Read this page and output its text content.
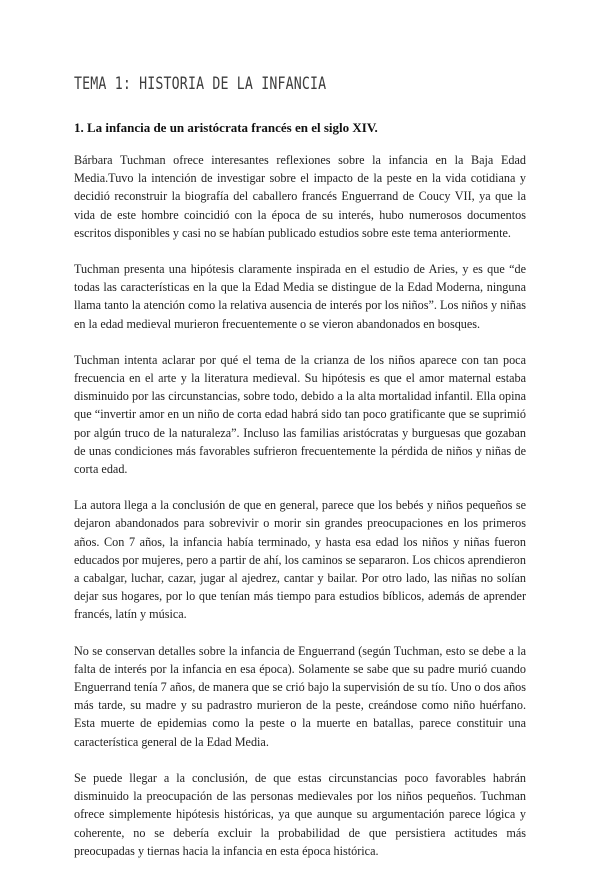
TEMA 1: HISTORIA DE LA INFANCIA
1. La infancia de un aristócrata francés en el siglo XIV.

Bárbara Tuchman ofrece interesantes reflexiones sobre la infancia en la Baja Edad Media.Tuvo la intención de investigar sobre el impacto de la peste en la vida cotidiana y decidió reconstruir la biografía del caballero francés Enguerrand de Coucy VII, ya que la vida de este hombre coincidió con la época de su interés, hubo numerosos documentos escritos disponibles y casi no se habían publicado estudios sobre este tema anteriormente.

Tuchman presenta una hipótesis claramente inspirada en el estudio de Aries, y es que “de todas las características en la que la Edad Media se distingue de la Edad Moderna, ninguna llama tanto la atención como la relativa ausencia de interés por los niños”. Los niños y niñas en la edad medieval murieron frecuentemente o se vieron abandonados en bosques.

Tuchman intenta aclarar por qué el tema de la crianza de los niños aparece con tan poca frecuencia en el arte y la literatura medieval. Su hipótesis es que el amor maternal estaba disminuido por las circunstancias, sobre todo, debido a la alta mortalidad infantil. Ella opina que “invertir amor en un niño de corta edad habrá sido tan poco gratificante que se suprimió por algún truco de la naturaleza”. Incluso las familias aristócratas y burguesas que gozaban de unas condiciones más favorables sufrieron frecuentemente la pérdida de niños y niñas de corta edad.

La autora llega a la conclusión de que en general, parece que los bebés y niños pequeños se dejaron abandonados para sobrevivir o morir sin grandes preocupaciones en los primeros años. Con 7 años, la infancia había terminado, y hasta esa edad los niños y niñas fueron educados por mujeres, pero a partir de ahí, los caminos se separaron. Los chicos aprendieron a cabalgar, luchar, cazar, jugar al ajedrez, cantar y bailar. Por otro lado, las niñas no solían dejar sus hogares, por lo que tenían más tiempo para estudios bíblicos, además de aprender francés, latín y música.

No se conservan detalles sobre la infancia de Enguerrand (según Tuchman, esto se debe a la falta de interés por la infancia en esa época). Solamente se sabe que su padre murió cuando Enguerrand tenía 7 años, de manera que se crió bajo la supervisión de su tío. Uno o dos años más tarde, su madre y su padrastro murieron de la peste, creándose como niño huérfano. Esta muerte de epidemias como la peste o la muerte en batallas, parece constituir una característica general de la Edad Media.

Se puede llegar a la conclusión, de que estas circunstancias poco favorables habrán disminuido la preocupación de las personas medievales por los niños pequeños. Tuchman ofrece simplemente hipótesis históricas, ya que aunque su argumentación parece lógica y coherente, no se debería excluir la probabilidad de que persistiera actitudes más preocupadas y tiernas hacia la infancia en esta época histórica.
